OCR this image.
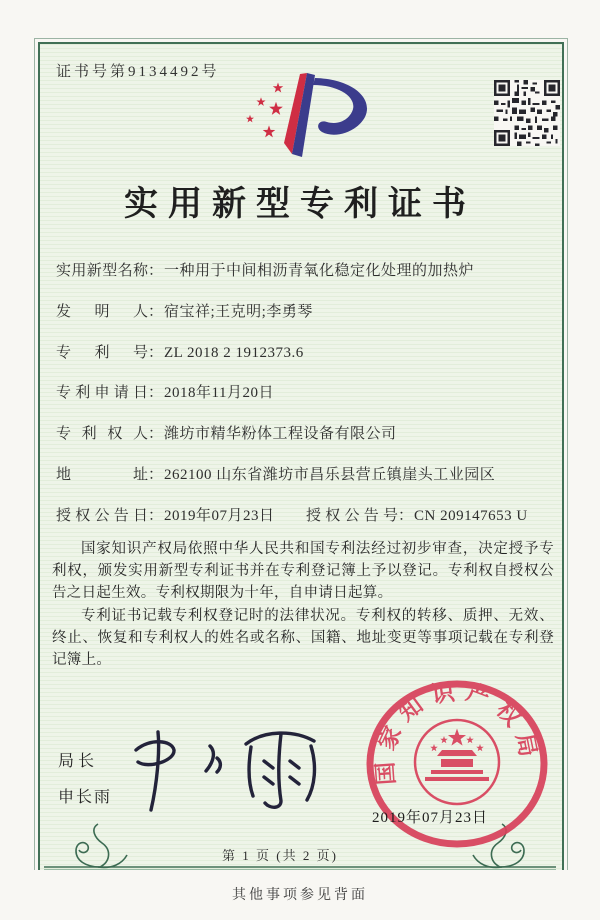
证书号第9134492号
实用新型专利证书
实用新型名称 ： 一种用于中间相沥青氧化稳定化处理的加热炉
发明人 ： 宿宝祥;王克明;李勇琴
专利号 ： ZL 2018 2 1912373.6
专利申请日 ： 2018年11月20日
专利权人 ： 潍坊市精华粉体工程设备有限公司
地址 ： 262100 山东省潍坊市昌乐县营丘镇崖头工业园区
授权公告日 ： 2019年07月23日 授权公告号：CN 209147653 U

国家知识产权局依照中华人民共和国专利法经过初步审查，决定授予专利权，颁发实用新型专利证书并在专利登记簿上予以登记。专利权自授权公告之日起生效。专利权期限为十年，自申请日起算。

专利证书记载专利权登记时的法律状况。专利权的转移、质押、无效、终止、恢复和专利权人的姓名或名称、国籍、地址变更等事项记载在专利登记簿上。

局长
申长雨
国家知识产权局
2019年07月23日
第 1 页 (共 2 页)
其他事项参见背面
